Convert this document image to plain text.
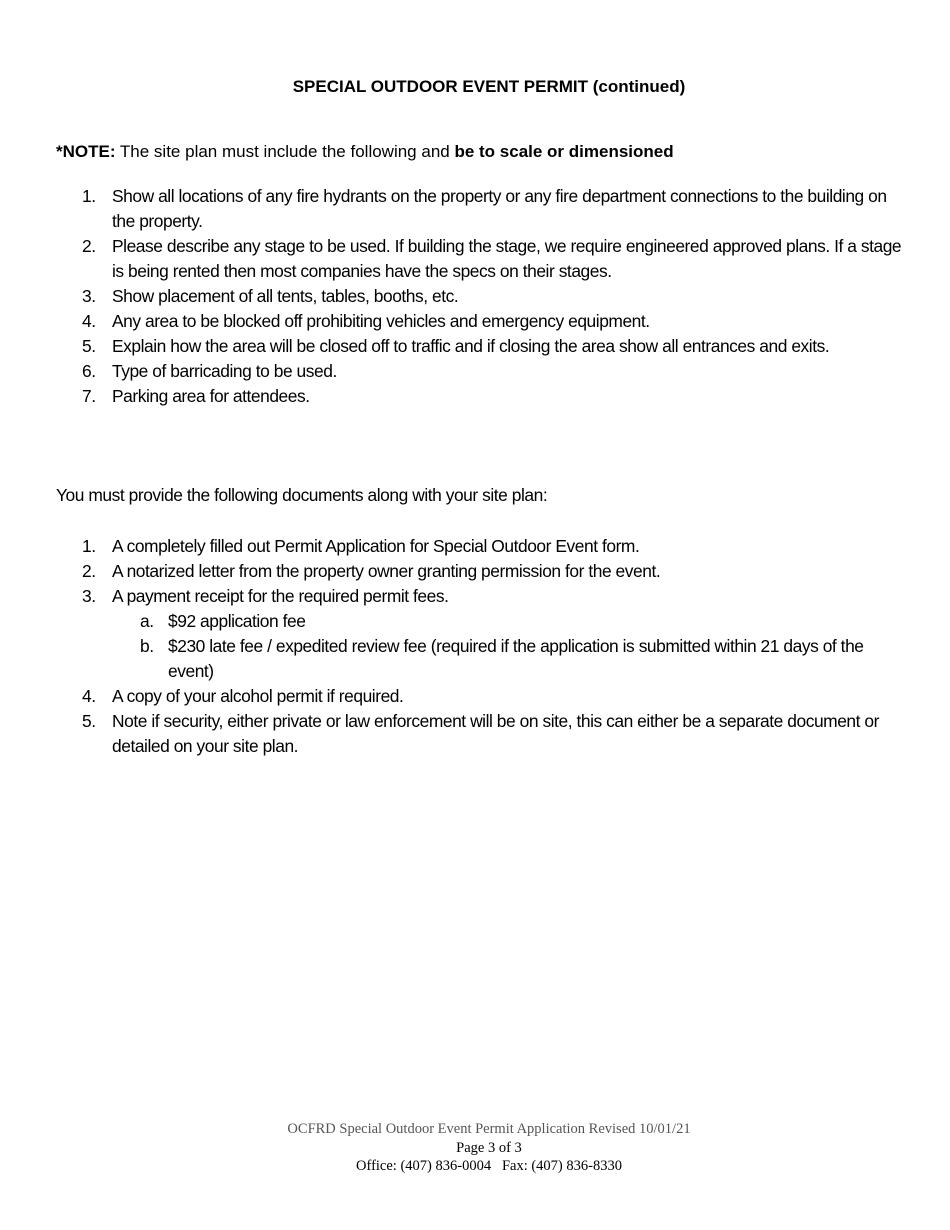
SPECIAL OUTDOOR EVENT PERMIT (continued)
*NOTE: The site plan must include the following and be to scale or dimensioned
1. Show all locations of any fire hydrants on the property or any fire department connections to the building on the property.
2. Please describe any stage to be used. If building the stage, we require engineered approved plans. If a stage is being rented then most companies have the specs on their stages.
3. Show placement of all tents, tables, booths, etc.
4. Any area to be blocked off prohibiting vehicles and emergency equipment.
5. Explain how the area will be closed off to traffic and if closing the area show all entrances and exits.
6. Type of barricading to be used.
7. Parking area for attendees.
You must provide the following documents along with your site plan:
1. A completely filled out Permit Application for Special Outdoor Event form.
2. A notarized letter from the property owner granting permission for the event.
3. A payment receipt for the required permit fees.
a. $92 application fee
b. $230 late fee / expedited review fee (required if the application is submitted within 21 days of the event)
4. A copy of your alcohol permit if required.
5. Note if security, either private or law enforcement will be on site, this can either be a separate document or detailed on your site plan.
OCFRD Special Outdoor Event Permit Application Revised 10/01/21
Page 3 of 3
Office: (407) 836-0004   Fax: (407) 836-8330
